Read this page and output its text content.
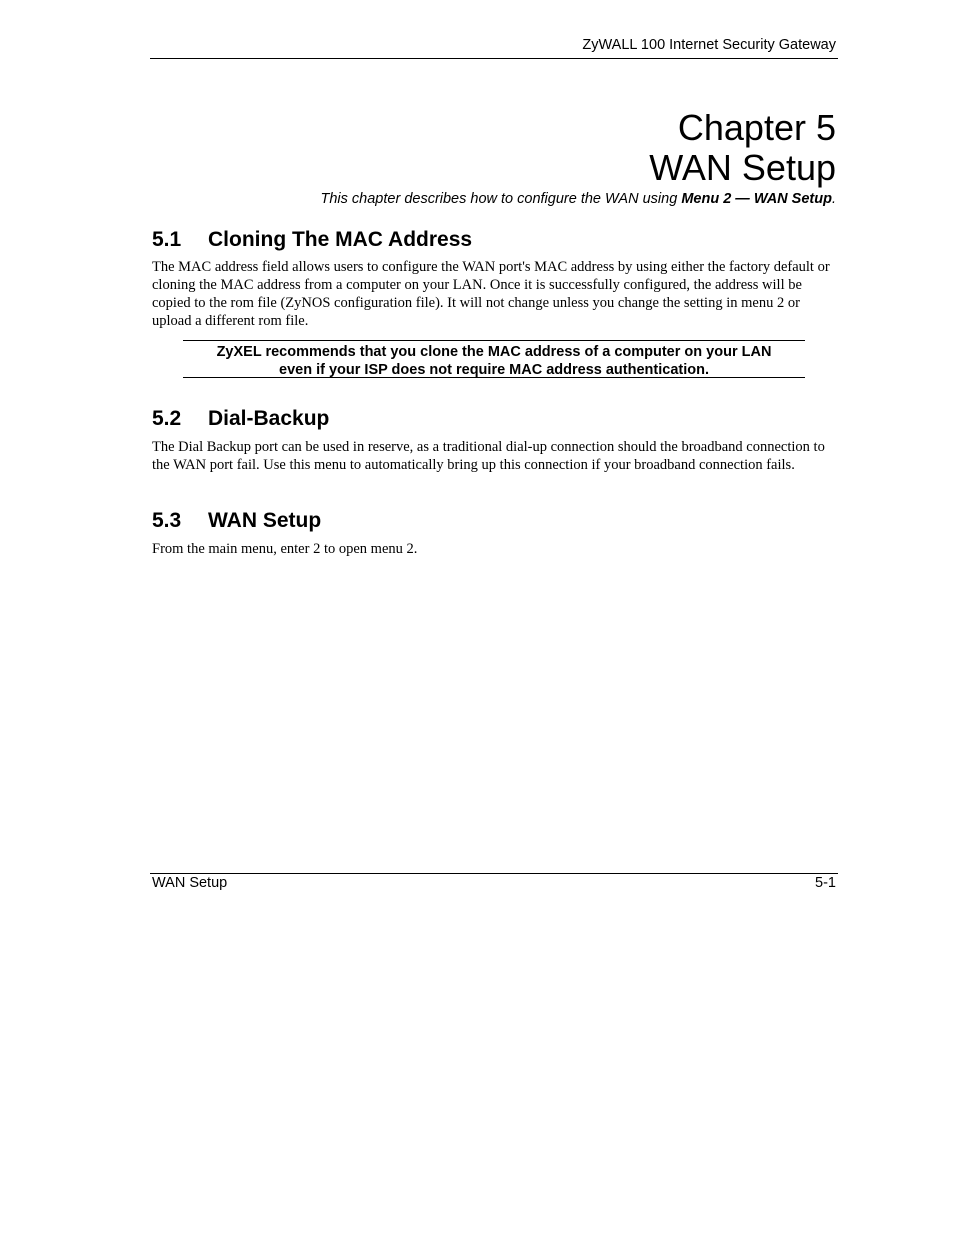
ZyWALL 100 Internet Security Gateway
Chapter 5
WAN Setup
This chapter describes how to configure the WAN using Menu 2 — WAN Setup.
5.1 Cloning The MAC Address

The MAC address field allows users to configure the WAN port's MAC address by using either the factory default or cloning the MAC address from a computer on your LAN. Once it is successfully configured, the address will be copied to the rom file (ZyNOS configuration file). It will not change unless you change the setting in menu 2 or upload a different rom file.

ZyXEL recommends that you clone the MAC address of a computer on your LAN
even if your ISP does not require MAC address authentication.
5.2 Dial-Backup

The Dial Backup port can be used in reserve, as a traditional dial-up connection should the broadband connection to the WAN port fail. Use this menu to automatically bring up this connection if your broadband connection fails.

5.3 WAN Setup

From the main menu, enter 2 to open menu 2.

WAN Setup	5-1
